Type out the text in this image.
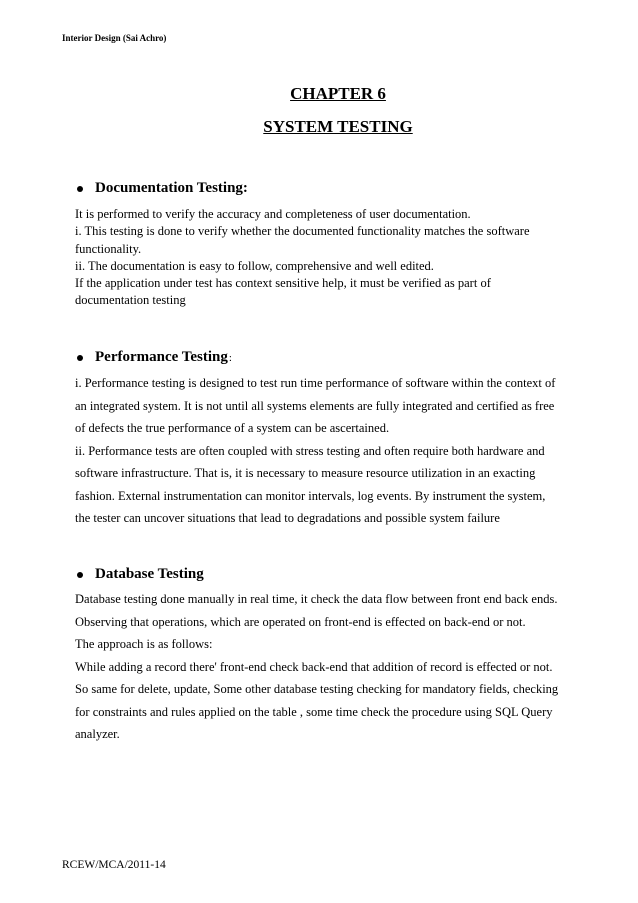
Interior Design (Sai Achro)
CHAPTER 6
SYSTEM TESTING
Documentation Testing:

It is performed to verify the accuracy and completeness of user documentation.

i. This testing is done to verify whether the documented functionality matches the software

functionality.

ii. The documentation is easy to follow, comprehensive and well edited.

If the application under test has context sensitive help, it must be verified as part of

documentation testing

Performance Testing :

i. Performance testing is designed to test run time performance of software within the context of

an integrated system. It is not until all systems elements are fully integrated and certified as free

of defects the true performance of a system can be ascertained.

ii. Performance tests are often coupled with stress testing and often require both hardware and

software infrastructure. That is, it is necessary to measure resource utilization in an exacting

fashion. External instrumentation can monitor intervals, log events. By instrument the system,

the tester can uncover situations that lead to degradations and possible system failure

Database Testing

Database testing done manually in real time, it check the data flow between front end back ends.

Observing that operations, which are operated on front-end is effected on back-end or not.

The approach is as follows:

While adding a record there' front-end check back-end that addition of record is effected or not.

So same for delete, update, Some other database testing checking for mandatory fields, checking

for constraints and rules applied on the table , some time check the procedure using SQL Query

analyzer.

RCEW/MCA/2011-14
